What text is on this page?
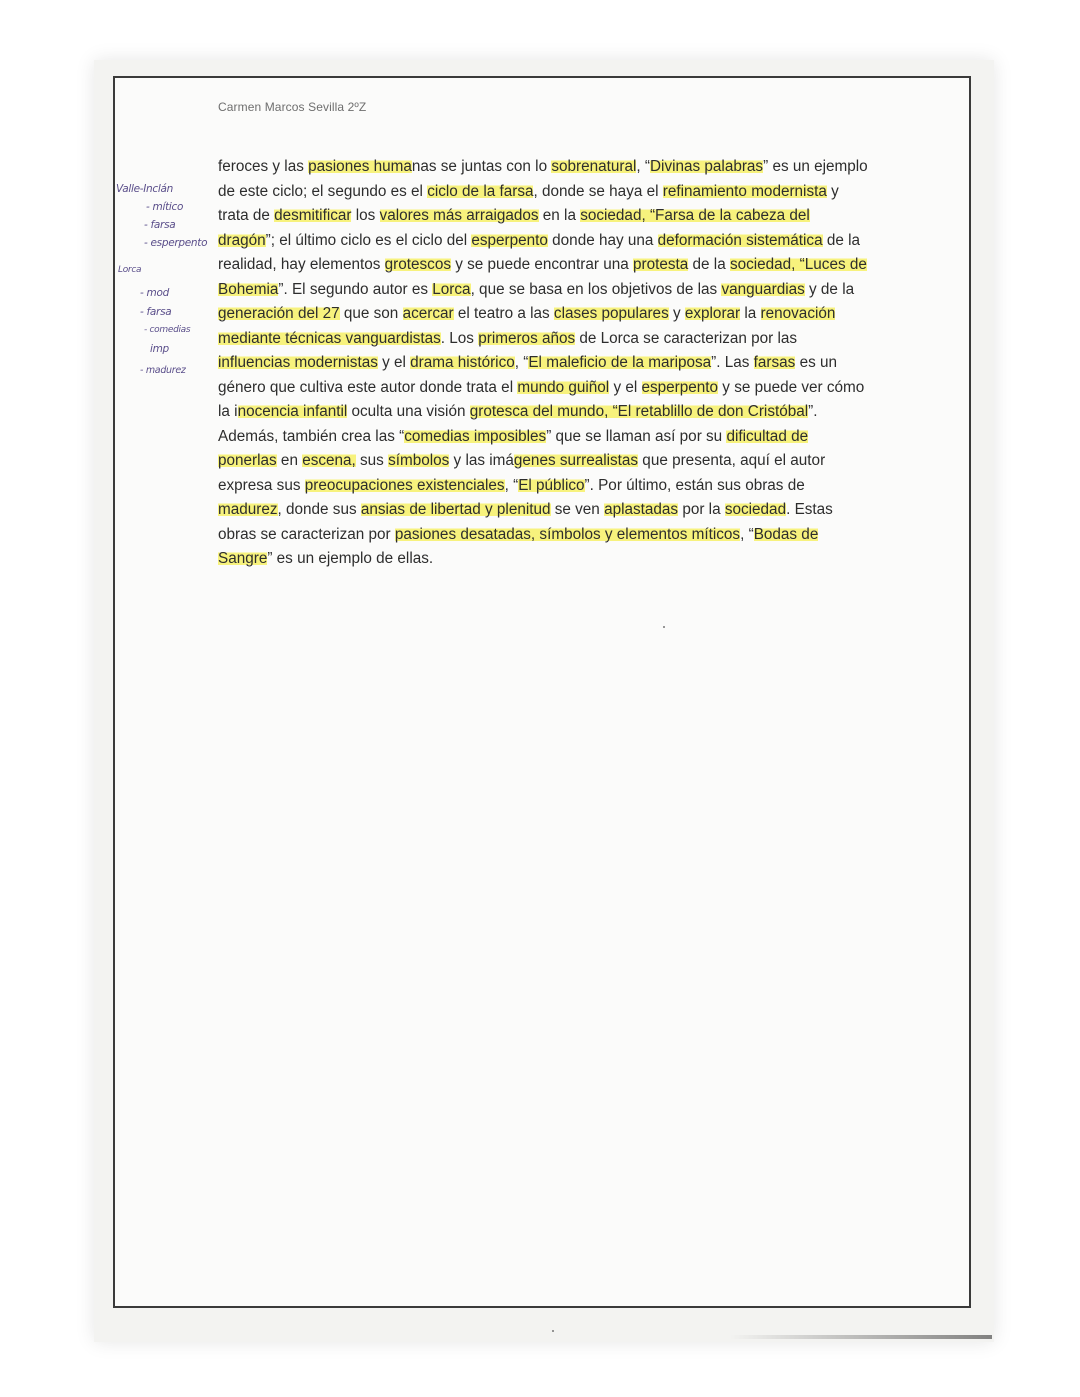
Carmen Marcos Sevilla 2ºZ
Valle-Inclán
- mítico
- farsa
- esperpento
Lorca
- mod
- farsa
- comedias
imp
- madurez

feroces y las pasiones humanas se juntas con lo sobrenatural, “Divinas palabras” es un ejemplo de este ciclo; el segundo es el ciclo de la farsa, donde se haya el refinamiento modernista y trata de desmitificar los valores más arraigados en la sociedad, “Farsa de la cabeza del dragón”; el último ciclo es el ciclo del esperpento donde hay una deformación sistemática de la realidad, hay elementos grotescos y se puede encontrar una protesta de la sociedad, “Luces de Bohemia”. El segundo autor es Lorca, que se basa en los objetivos de las vanguardias y de la generación del 27 que son acercar el teatro a las clases populares y explorar la renovación mediante técnicas vanguardistas. Los primeros años de Lorca se caracterizan por las influencias modernistas y el drama histórico, “El maleficio de la mariposa”. Las farsas es un género que cultiva este autor donde trata el mundo guiñol y el esperpento y se puede ver cómo la inocencia infantil oculta una visión grotesca del mundo, “El retablillo de don Cristóbal”. Además, también crea las “comedias imposibles” que se llaman así por su dificultad de ponerlas en escena, sus símbolos y las imágenes surrealistas que presenta, aquí el autor expresa sus preocupaciones existenciales, “El público”. Por último, están sus obras de madurez, donde sus ansias de libertad y plenitud se ven aplastadas por la sociedad. Estas obras se caracterizan por pasiones desatadas, símbolos y elementos míticos, “Bodas de Sangre” es un ejemplo de ellas.
